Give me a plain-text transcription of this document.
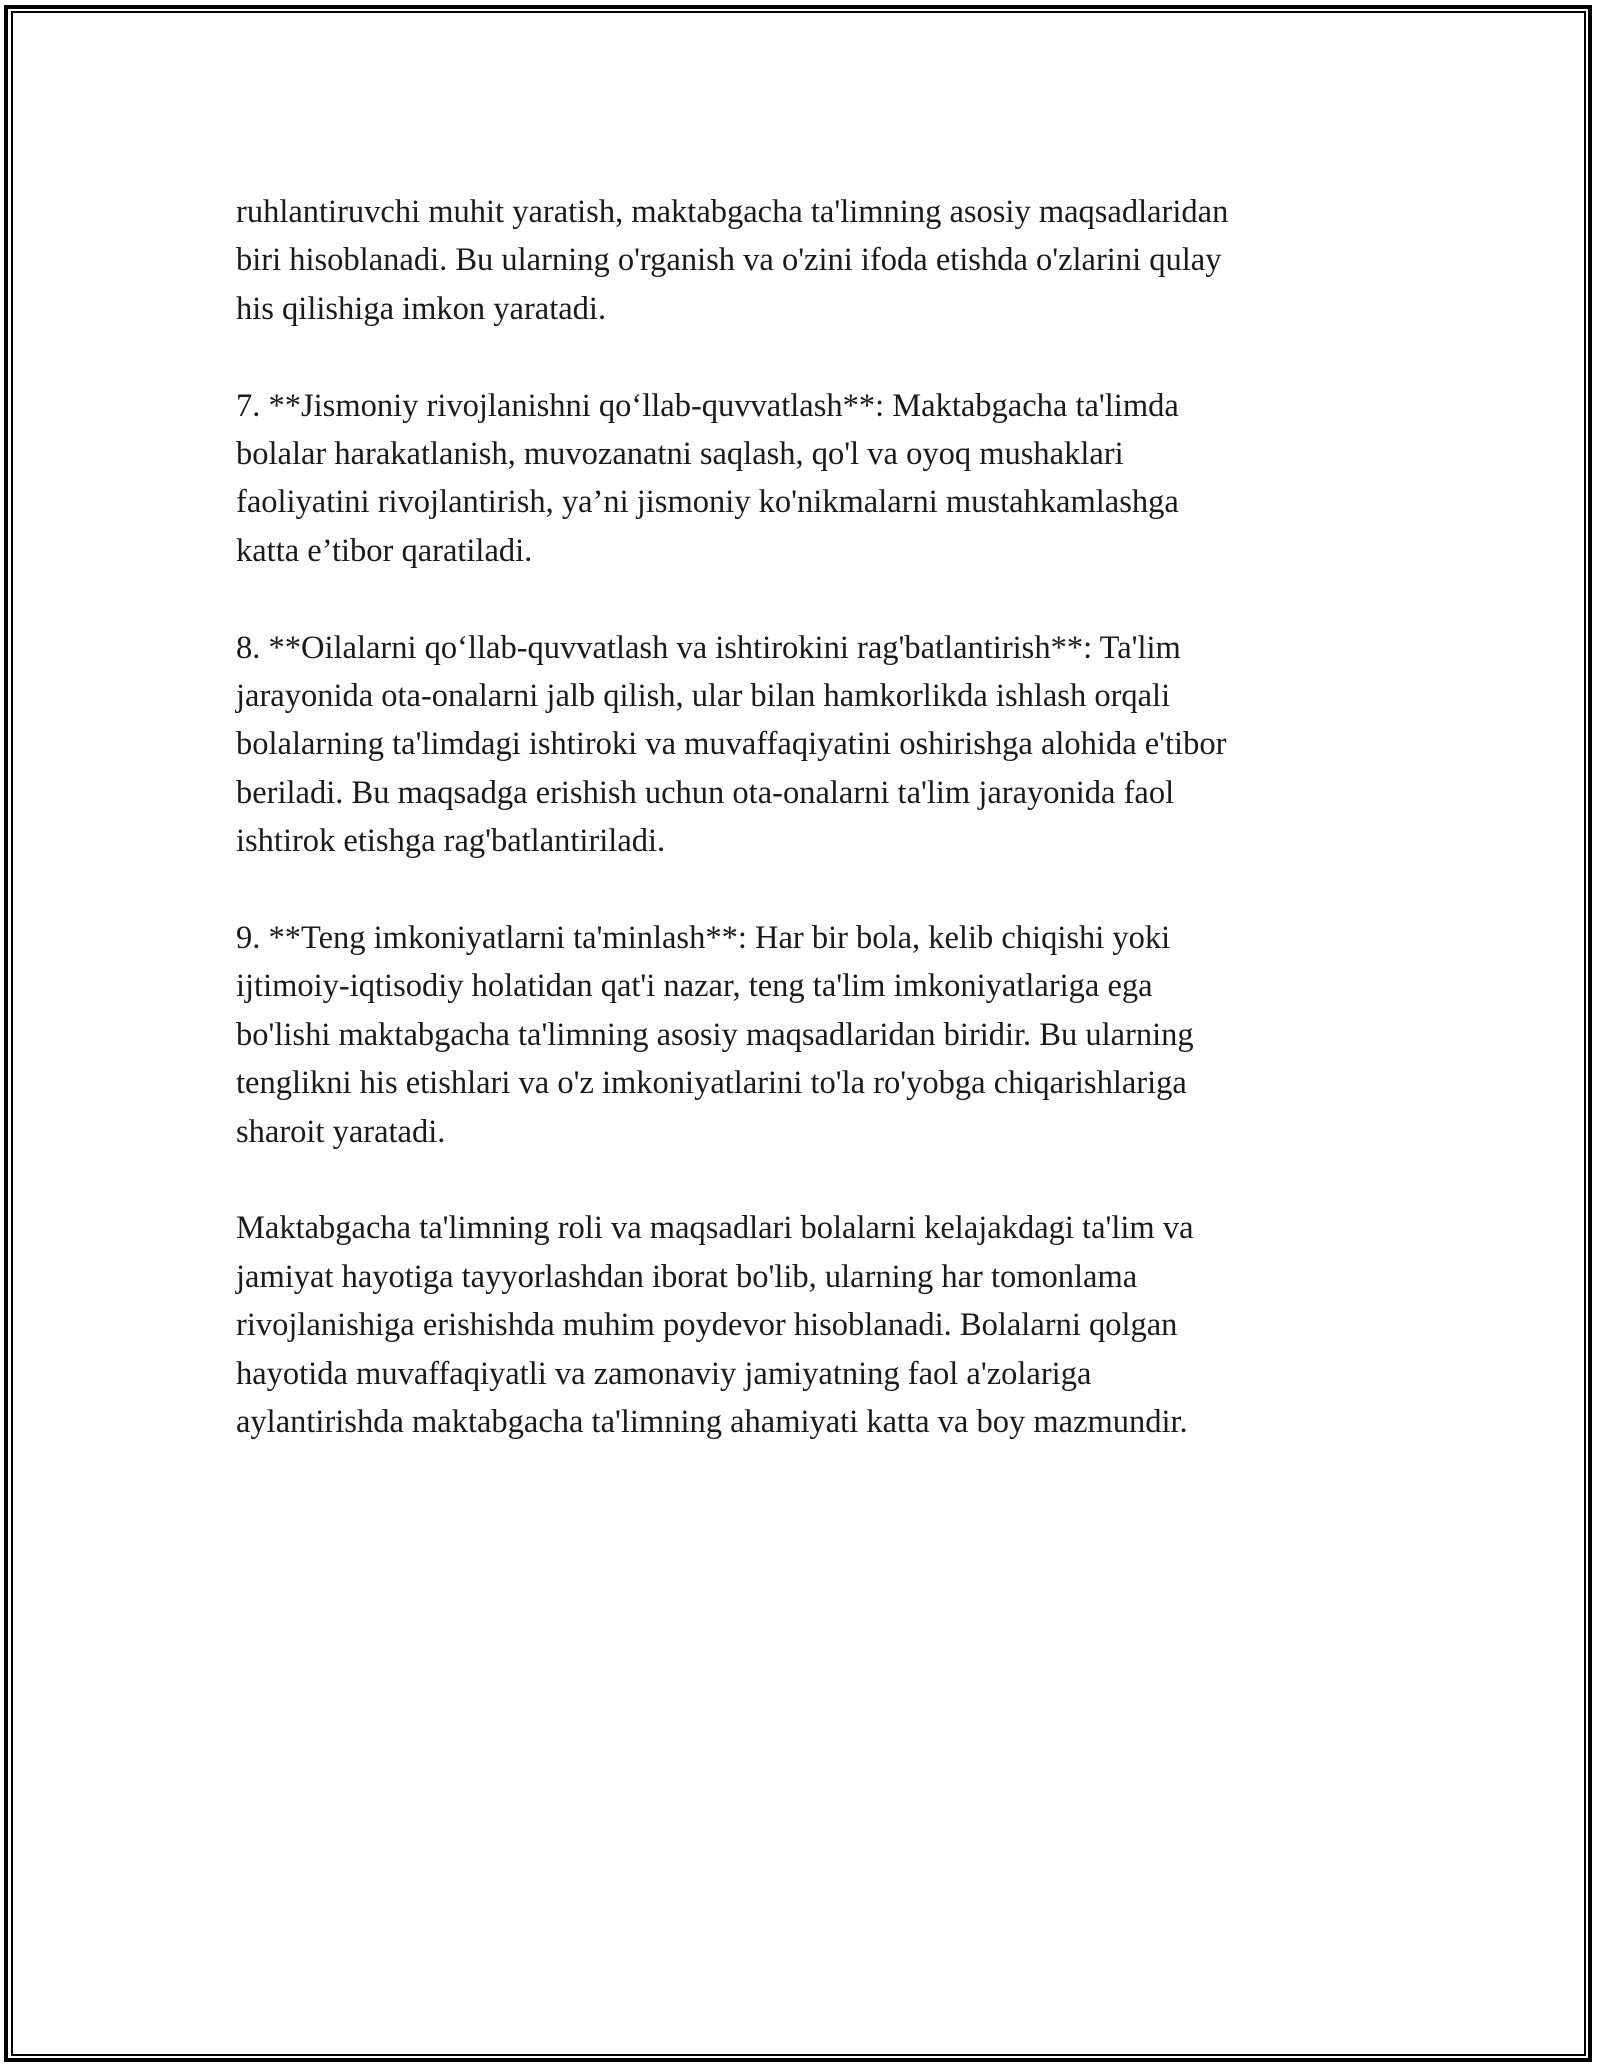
ruhlantiruvchi muhit yaratish, maktabgacha ta'limning asosiy maqsadlaridan
biri hisoblanadi. Bu ularning o'rganish va o'zini ifoda etishda o'zlarini qulay
his qilishiga imkon yaratadi.

7. **Jismoniy rivojlanishni qo‘llab-quvvatlash**: Maktabgacha ta'limda
bolalar harakatlanish, muvozanatni saqlash, qo'l va oyoq mushaklari
faoliyatini rivojlantirish, ya’ni jismoniy ko'nikmalarni mustahkamlashga
katta e’tibor qaratiladi.

8. **Oilalarni qo‘llab-quvvatlash va ishtirokini rag'batlantirish**: Ta'lim
jarayonida ota-onalarni jalb qilish, ular bilan hamkorlikda ishlash orqali
bolalarning ta'limdagi ishtiroki va muvaffaqiyatini oshirishga alohida e'tibor
beriladi. Bu maqsadga erishish uchun ota-onalarni ta'lim jarayonida faol
ishtirok etishga rag'batlantiriladi.

9. **Teng imkoniyatlarni ta'minlash**: Har bir bola, kelib chiqishi yoki
ijtimoiy-iqtisodiy holatidan qat'i nazar, teng ta'lim imkoniyatlariga ega
bo'lishi maktabgacha ta'limning asosiy maqsadlaridan biridir. Bu ularning
tenglikni his etishlari va o'z imkoniyatlarini to'la ro'yobga chiqarishlariga
sharoit yaratadi.

Maktabgacha ta'limning roli va maqsadlari bolalarni kelajakdagi ta'lim va
jamiyat hayotiga tayyorlashdan iborat bo'lib, ularning har tomonlama
rivojlanishiga erishishda muhim poydevor hisoblanadi. Bolalarni qolgan
hayotida muvaffaqiyatli va zamonaviy jamiyatning faol a'zolariga
aylantirishda maktabgacha ta'limning ahamiyati katta va boy mazmundir.
